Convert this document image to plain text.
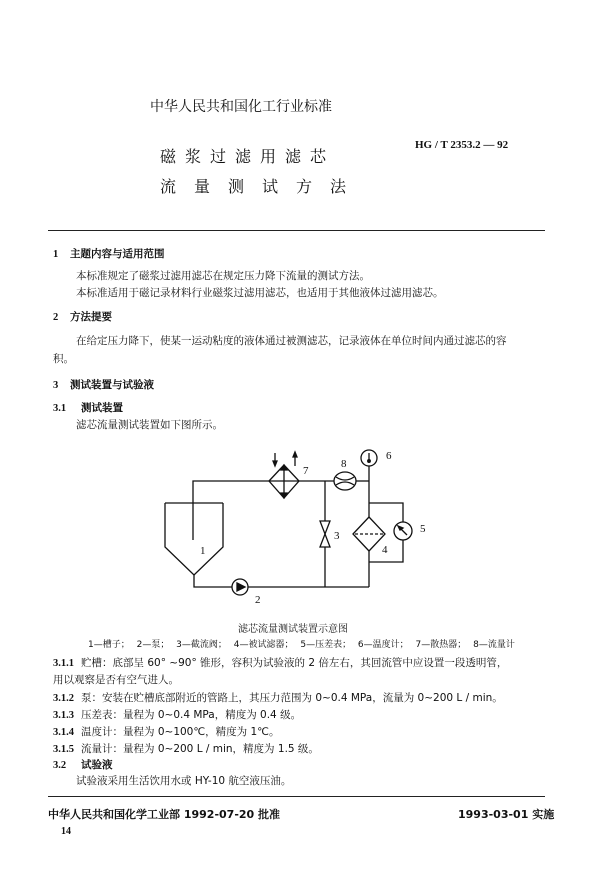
中华人民共和国化工行业标准
磁浆过滤用滤芯
流量测试方法
HG / T 2353.2 — 92
1 主题内容与适用范围
本标准规定了磁浆过滤用滤芯在规定压力降下流量的测试方法。
本标准适用于磁记录材料行业磁浆过滤用滤芯，也适用于其他液体过滤用滤芯。
2 方法提要
在给定压力降下，使某一运动粘度的液体通过被测滤芯，记录液体在单位时间内通过滤芯的容
积。
3 测试装置与试验液
3.1 测试装置
滤芯流量测试装置如下图所示。
1
2
3
4
5
6
7
8
滤芯流量测试装置示意图
1—槽子； 2—泵； 3—截流阀； 4—被试滤器； 5—压差表； 6—温度计； 7—散热器； 8—流量计
3.1.1 贮槽：底部呈 60° ~90° 锥形，容积为试验液的 2 倍左右，其回流管中应设置一段透明管，
用以观察是否有空气进人。
3.1.2 泵：安装在贮槽底部附近的管路上，其压力范围为 0~0.4 MPa，流量为 0~200 L / min。
3.1.3 压差表：量程为 0~0.4 MPa，精度为 0.4 级。
3.1.4 温度计：量程为 0~100℃，精度为 1℃。
3.1.5 流量计：量程为 0~200 L / min，精度为 1.5 级。
3.2 试验液
试验液采用生活饮用水或 HY-10 航空液压油。
中华人民共和国化学工业部 1992-07-20 批准	1993-03-01 实施
14
